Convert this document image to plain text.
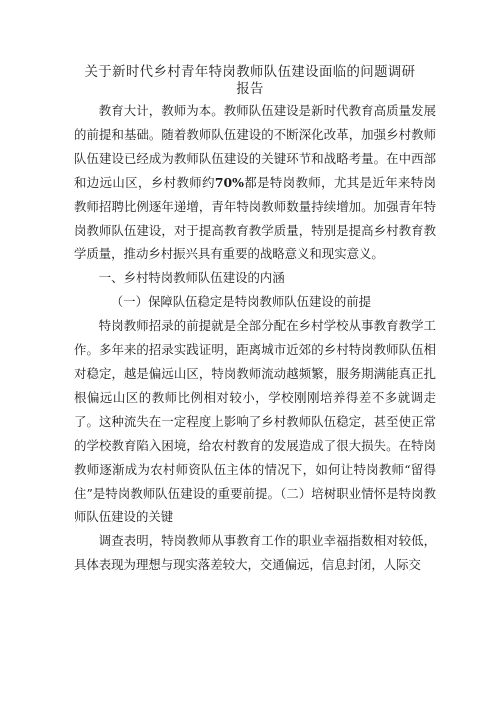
关于新时代乡村青年特岗教师队伍建设面临的问题调研报告

教育大计，教师为本。教师队伍建设是新时代教育高质量发展的前提和基础。随着教师队伍建设的不断深化改革，加强乡村教师队伍建设已经成为教师队伍建设的关键环节和战略考量。在中西部和边远山区，乡村教师约70%都是特岗教师，尤其是近年来特岗教师招聘比例逐年递增，青年特岗教师数量持续增加。加强青年特岗教师队伍建设，对于提高教育教学质量，特别是提高乡村教育教学质量，推动乡村振兴具有重要的战略意义和现实意义。

一、乡村特岗教师队伍建设的内涵

（一）保障队伍稳定是特岗教师队伍建设的前提

特岗教师招录的前提就是全部分配在乡村学校从事教育教学工作。多年来的招录实践证明，距离城市近郊的乡村特岗教师队伍相对稳定，越是偏远山区，特岗教师流动越频繁，服务期满能真正扎根偏远山区的教师比例相对较小，学校刚刚培养得差不多就调走了。这种流失在一定程度上影响了乡村教师队伍稳定，甚至使正常的学校教育陷入困境，给农村教育的发展造成了很大损失。在特岗教师逐渐成为农村师资队伍主体的情况下，如何让特岗教师“留得住”是特岗教师队伍建设的重要前提。（二）培树职业情怀是特岗教师队伍建设的关键

调查表明，特岗教师从事教育工作的职业幸福指数相对较低，具体表现为理想与现实落差较大，交通偏远，信息封闭，人际交
